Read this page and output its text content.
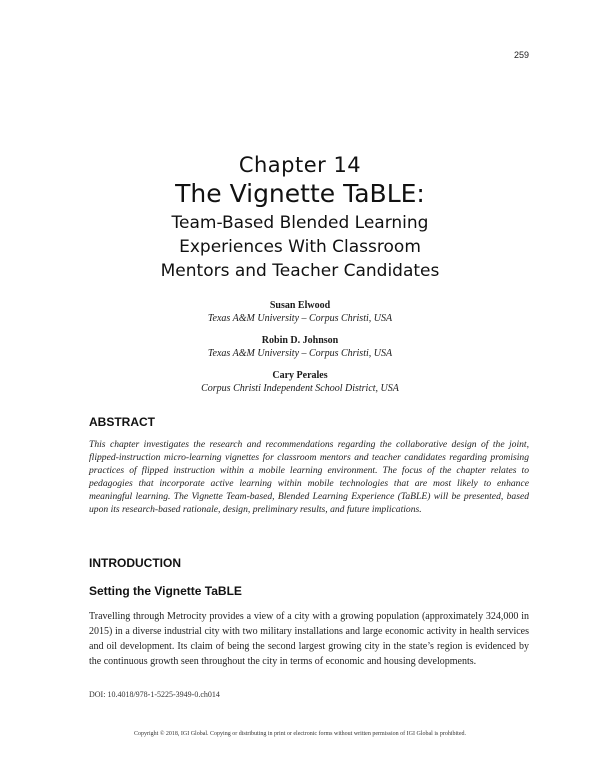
259
Chapter 14
The Vignette TaBLE:
Team-Based Blended Learning
Experiences With Classroom
Mentors and Teacher Candidates
Susan Elwood
Texas A&M University – Corpus Christi, USA
Robin D. Johnson
Texas A&M University – Corpus Christi, USA
Cary Perales
Corpus Christi Independent School District, USA
ABSTRACT
This chapter investigates the research and recommendations regarding the collaborative design of the joint, flipped-instruction micro-learning vignettes for classroom mentors and teacher candidates regarding promising practices of flipped instruction within a mobile learning environment. The focus of the chapter relates to pedagogies that incorporate active learning within mobile technologies that are most likely to enhance meaningful learning. The Vignette Team-based, Blended Learning Experience (TaBLE) will be presented, based upon its research-based rationale, design, preliminary results, and future implications.
INTRODUCTION
Setting the Vignette TaBLE
Travelling through Metrocity provides a view of a city with a growing population (approximately 324,000 in 2015) in a diverse industrial city with two military installations and large economic activity in health services and oil development. Its claim of being the second largest growing city in the state’s region is evidenced by the continuous growth seen throughout the city in terms of economic and housing developments.
DOI: 10.4018/978-1-5225-3949-0.ch014
Copyright © 2018, IGI Global. Copying or distributing in print or electronic forms without written permission of IGI Global is prohibited.
